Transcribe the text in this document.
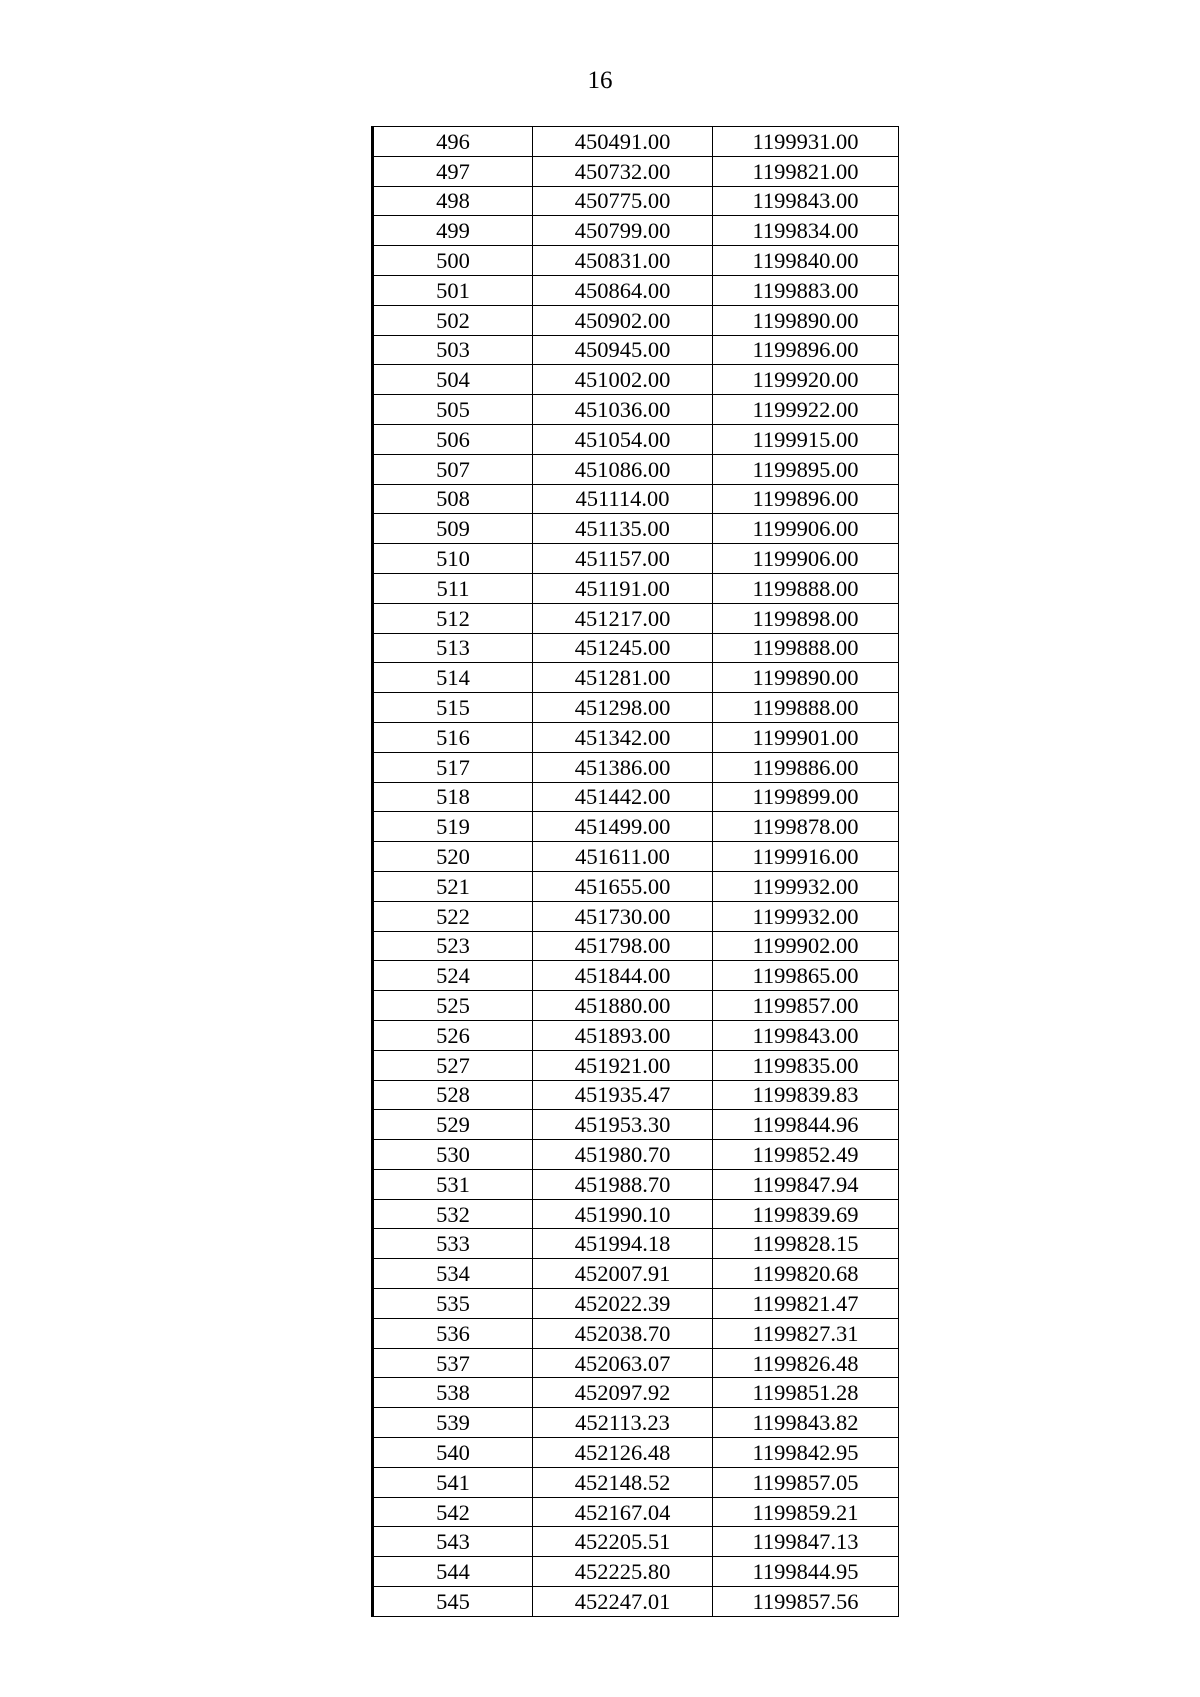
16
496	450491.00	1199931.00
497	450732.00	1199821.00
498	450775.00	1199843.00
499	450799.00	1199834.00
500	450831.00	1199840.00
501	450864.00	1199883.00
502	450902.00	1199890.00
503	450945.00	1199896.00
504	451002.00	1199920.00
505	451036.00	1199922.00
506	451054.00	1199915.00
507	451086.00	1199895.00
508	451114.00	1199896.00
509	451135.00	1199906.00
510	451157.00	1199906.00
511	451191.00	1199888.00
512	451217.00	1199898.00
513	451245.00	1199888.00
514	451281.00	1199890.00
515	451298.00	1199888.00
516	451342.00	1199901.00
517	451386.00	1199886.00
518	451442.00	1199899.00
519	451499.00	1199878.00
520	451611.00	1199916.00
521	451655.00	1199932.00
522	451730.00	1199932.00
523	451798.00	1199902.00
524	451844.00	1199865.00
525	451880.00	1199857.00
526	451893.00	1199843.00
527	451921.00	1199835.00
528	451935.47	1199839.83
529	451953.30	1199844.96
530	451980.70	1199852.49
531	451988.70	1199847.94
532	451990.10	1199839.69
533	451994.18	1199828.15
534	452007.91	1199820.68
535	452022.39	1199821.47
536	452038.70	1199827.31
537	452063.07	1199826.48
538	452097.92	1199851.28
539	452113.23	1199843.82
540	452126.48	1199842.95
541	452148.52	1199857.05
542	452167.04	1199859.21
543	452205.51	1199847.13
544	452225.80	1199844.95
545	452247.01	1199857.56
